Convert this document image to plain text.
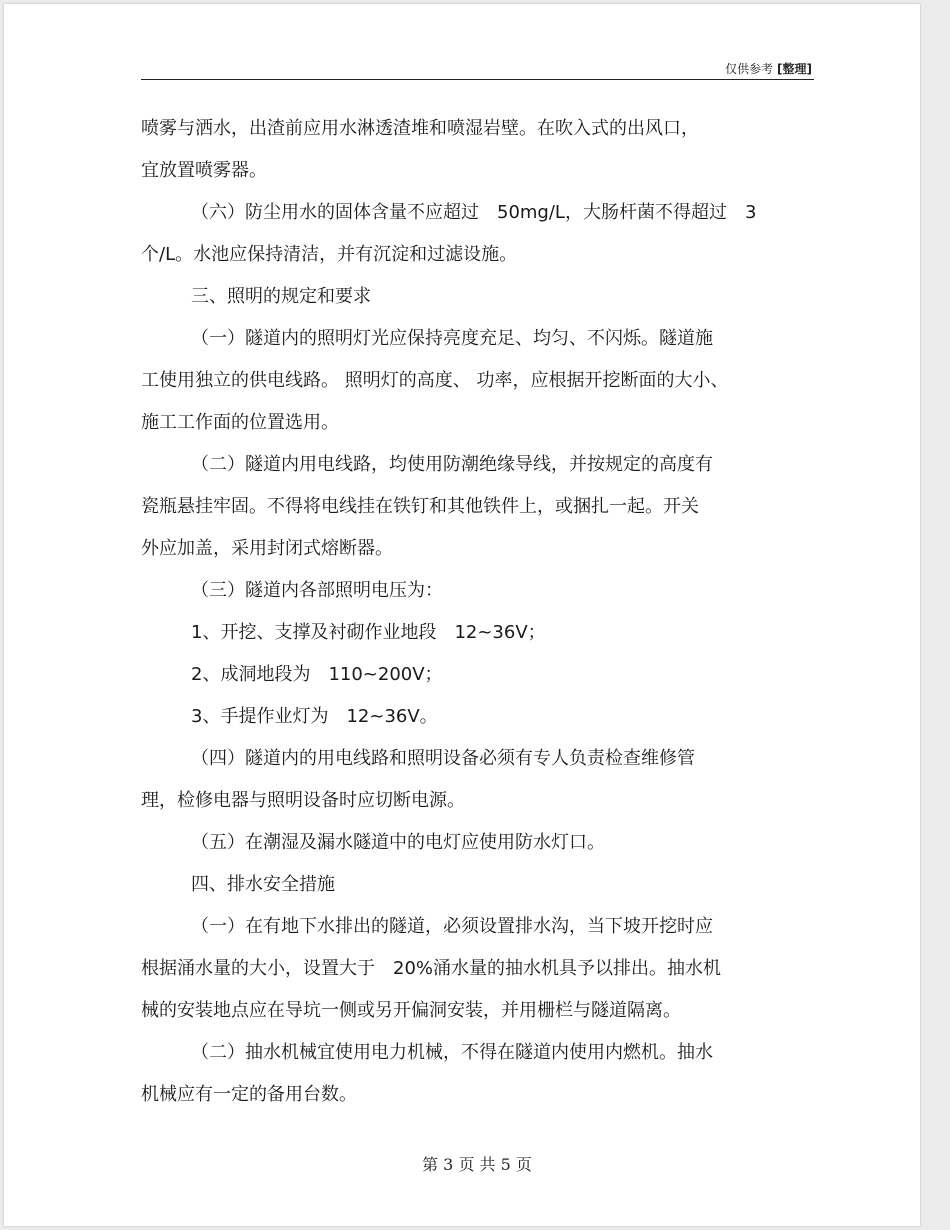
仅供参考 [整理]
喷雾与洒水，出渣前应用水淋透渣堆和喷湿岩壁。在吹入式的出风口，
宜放置喷雾器。
（六）防尘用水的固体含量不应超过　50mg/L，大肠杆菌不得超过　3
个/L。水池应保持清洁，并有沉淀和过滤设施。
三、照明的规定和要求
（一）隧道内的照明灯光应保持亮度充足、均匀、不闪烁。隧道施
工使用独立的供电线路。 照明灯的高度、 功率，应根据开挖断面的大小、
施工工作面的位置选用。
（二）隧道内用电线路，均使用防潮绝缘导线，并按规定的高度有
瓷瓶悬挂牢固。不得将电线挂在铁钉和其他铁件上，或捆扎一起。开关
外应加盖，采用封闭式熔断器。
（三）隧道内各部照明电压为：
1、开挖、支撑及衬砌作业地段　12~36V；
2、成洞地段为　110~200V；
3、手提作业灯为　12~36V。
（四）隧道内的用电线路和照明设备必须有专人负责检查维修管
理，检修电器与照明设备时应切断电源。
（五）在潮湿及漏水隧道中的电灯应使用防水灯口。
四、排水安全措施
（一）在有地下水排出的隧道，必须设置排水沟，当下坡开挖时应
根据涌水量的大小，设置大于　20%涌水量的抽水机具予以排出。抽水机
械的安装地点应在导坑一侧或另开偏洞安装，并用栅栏与隧道隔离。
（二）抽水机械宜使用电力机械，不得在隧道内使用内燃机。抽水
机械应有一定的备用台数。
第 3 页 共 5 页
